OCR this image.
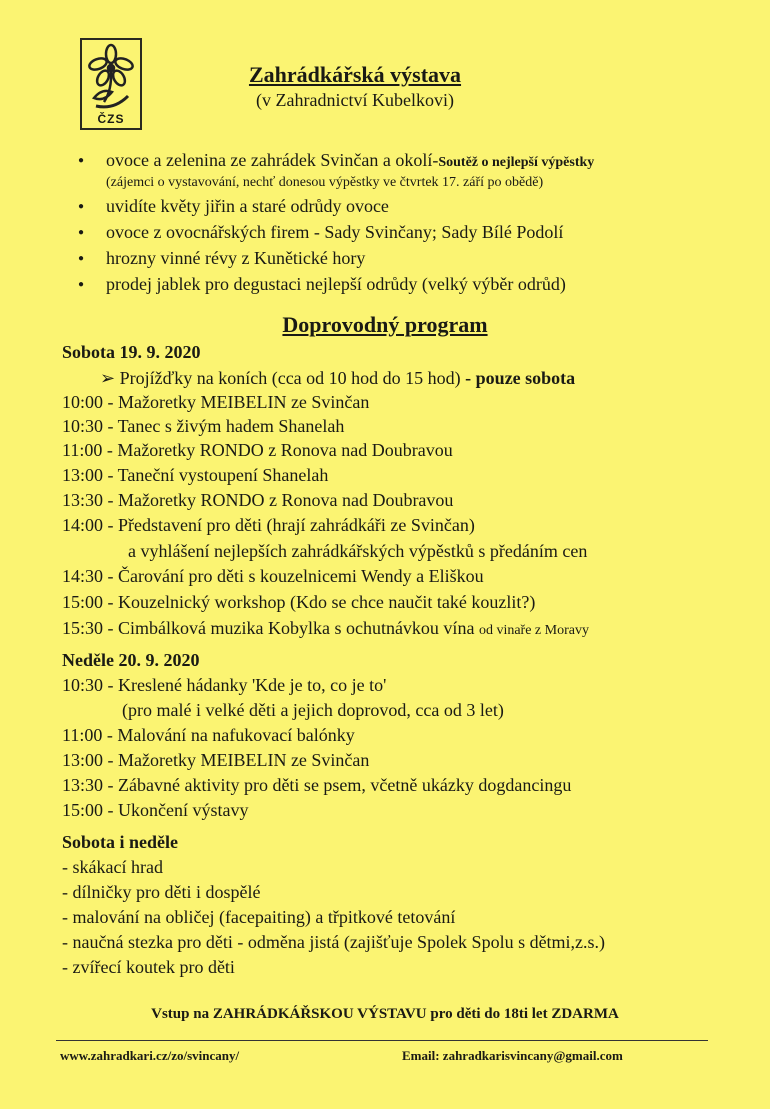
ČZS
Zahrádkářská výstava
(v Zahradnictví Kubelkovi)
● ovoce a zelenina ze zahrádek Svinčan a okolí-Soutěž o nejlepší výpěstky
(zájemci o vystavování, nechť donesou výpěstky ve čtvrtek 17. září po obědě)
● uvidíte květy jiřin a staré odrůdy ovoce
● ovoce z ovocnářských firem - Sady Svinčany; Sady Bílé Podolí
● hrozny vinné révy z Kunětické hory
● prodej jablek pro degustaci nejlepší odrůdy (velký výběr odrůd)
Doprovodný program
Sobota 19. 9. 2020
➢ Projížďky na koních (cca od 10 hod do 15 hod) - pouze sobota
10:00 - Mažoretky MEIBELIN ze Svinčan
10:30 - Tanec s živým hadem Shanelah
11:00 - Mažoretky RONDO z Ronova nad Doubravou
13:00 - Taneční vystoupení Shanelah
13:30 - Mažoretky RONDO z Ronova nad Doubravou
14:00 - Představení pro děti (hrají zahrádkáři ze Svinčan)
a vyhlášení nejlepších zahrádkářských výpěstků s předáním cen
14:30 - Čarování pro děti s kouzelnicemi Wendy a Eliškou
15:00 - Kouzelnický workshop (Kdo se chce naučit také kouzlit?)
15:30 - Cimbálková muzika Kobylka s ochutnávkou vína od vinaře z Moravy
Neděle 20. 9. 2020
10:30 - Kreslené hádanky 'Kde je to, co je to'
(pro malé i velké děti a jejich doprovod, cca od 3 let)
11:00 - Malování na nafukovací balónky
13:00 - Mažoretky MEIBELIN ze Svinčan
13:30 - Zábavné aktivity pro děti se psem, včetně ukázky dogdancingu
15:00 - Ukončení výstavy
Sobota i neděle
- skákací hrad
- dílničky pro děti i dospělé
- malování na obličej (facepaiting) a třpitkové tetování
- naučná stezka pro děti - odměna jistá (zajišťuje Spolek Spolu s dětmi,z.s.)
- zvířecí koutek pro děti
Vstup na ZAHRÁDKÁŘSKOU VÝSTAVU pro děti do 18ti let ZDARMA
www.zahradkari.cz/zo/svincany/	Email: zahradkarisvincany@gmail.com
